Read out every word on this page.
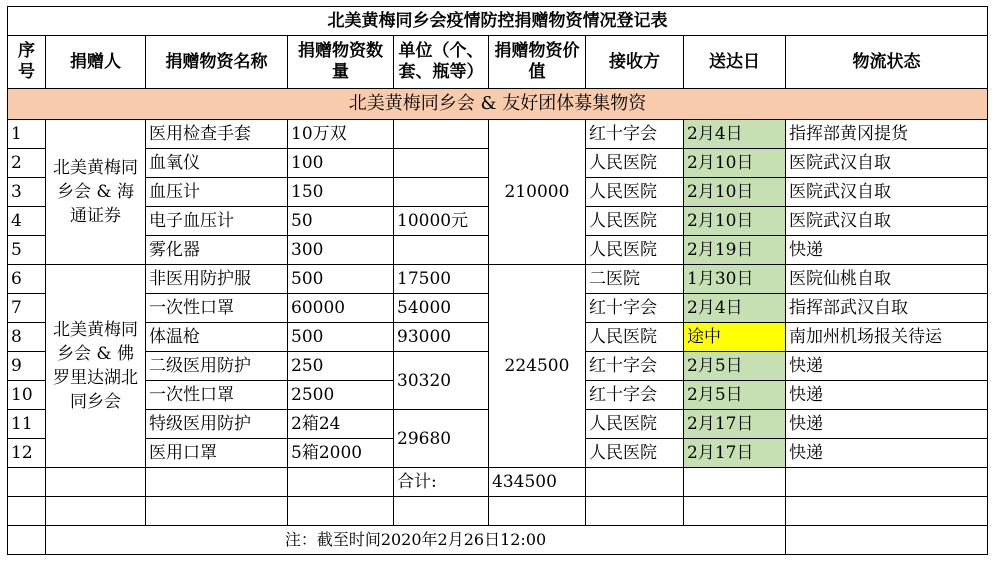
北美黄梅同乡会疫情防控捐赠物资情况登记表								
序号	捐赠人	捐赠物资名称	捐赠物资数量	单位（个、套、瓶等）	捐赠物资价值	接收方	送达日	物流状态
北美黄梅同乡会 & 友好团体募集物资								
1	北美黄梅同乡会 & 海通证券	医用检查手套	10万双		210000	红十字会	2月4日	指挥部黄冈提货
2		血氧仪	100			人民医院	2月10日	医院武汉自取
3		血压计	150			人民医院	2月10日	医院武汉自取
4		电子血压计	50	10000元		人民医院	2月10日	医院武汉自取
5		雾化器	300			人民医院	2月19日	快递
6	北美黄梅同乡会 & 佛罗里达湖北同乡会	非医用防护服	500	17500	224500	二医院	1月30日	医院仙桃自取
7		一次性口罩	60000	54000		红十字会	2月4日	指挥部武汉自取
8		体温枪	500	93000		人民医院	途中	南加州机场报关待运
9		二级医用防护	250	30320		红十字会	2月5日	快递
10		一次性口罩	2500			红十字会	2月5日	快递
11		特级医用防护	2箱24	29680		人民医院	2月17日	快递
12		医用口罩	5箱2000			人民医院	2月17日	快递
				合计:	434500			

	注：截至时间2020年2月26日12:00							
